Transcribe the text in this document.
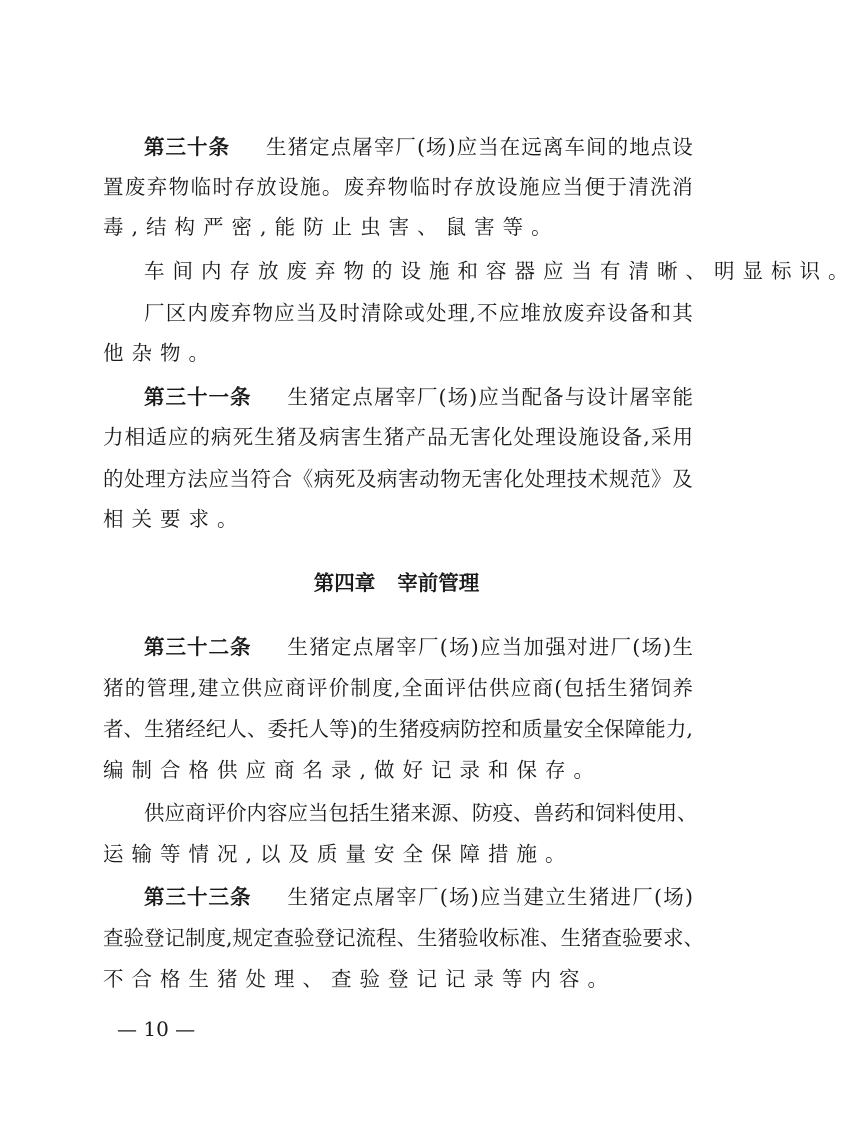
第三十条 生 猪 定 点 屠 宰 厂 ( 场 ) 应 当 在 远 离 车 间 的 地 点 设
置 废 弃 物 临 时 存 放 设 施 。 废 弃 物 临 时 存 放 设 施 应 当 便 于 清 洗 消
毒 , 结 构 严 密 , 能 防 止 虫 害 、 鼠 害 等 。
车 间 内 存 放 废 弃 物 的 设 施 和 容 器 应 当 有 清 晰 、 明 显 标 识 。
厂 区 内 废 弃 物 应 当 及 时 清 除 或 处 理 , 不 应 堆 放 废 弃 设 备 和 其
他 杂 物 。
第三十一条 生 猪 定 点 屠 宰 厂 ( 场 ) 应 当 配 备 与 设 计 屠 宰 能
力 相 适 应 的 病 死 生 猪 及 病 害 生 猪 产 品 无 害 化 处 理 设 施 设 备 , 采 用
的 处 理 方 法 应 当 符 合 《 病 死 及 病 害 动 物 无 害 化 处 理 技 术 规 范 》 及
相 关 要 求 。
第四章 宰前管理
第三十二条 生 猪 定 点 屠 宰 厂 ( 场 ) 应 当 加 强 对 进 厂 ( 场 ) 生
猪 的 管 理 , 建 立 供 应 商 评 价 制 度 , 全 面 评 估 供 应 商 ( 包 括 生 猪 饲 养
者 、 生 猪 经 纪 人 、 委 托 人 等 ) 的 生 猪 疫 病 防 控 和 质 量 安 全 保 障 能 力 ,
编 制 合 格 供 应 商 名 录 , 做 好 记 录 和 保 存 。
供 应 商 评 价 内 容 应 当 包 括 生 猪 来 源 、 防 疫 、 兽 药 和 饲 料 使 用 、
运 输 等 情 况 , 以 及 质 量 安 全 保 障 措 施 。
第三十三条 生 猪 定 点 屠 宰 厂 ( 场 ) 应 当 建 立 生 猪 进 厂 ( 场 )
查 验 登 记 制 度 , 规 定 查 验 登 记 流 程 、 生 猪 验 收 标 准 、 生 猪 查 验 要 求 、
不 合 格 生 猪 处 理 、 查 验 登 记 记 录 等 内 容 。
— 10 —
